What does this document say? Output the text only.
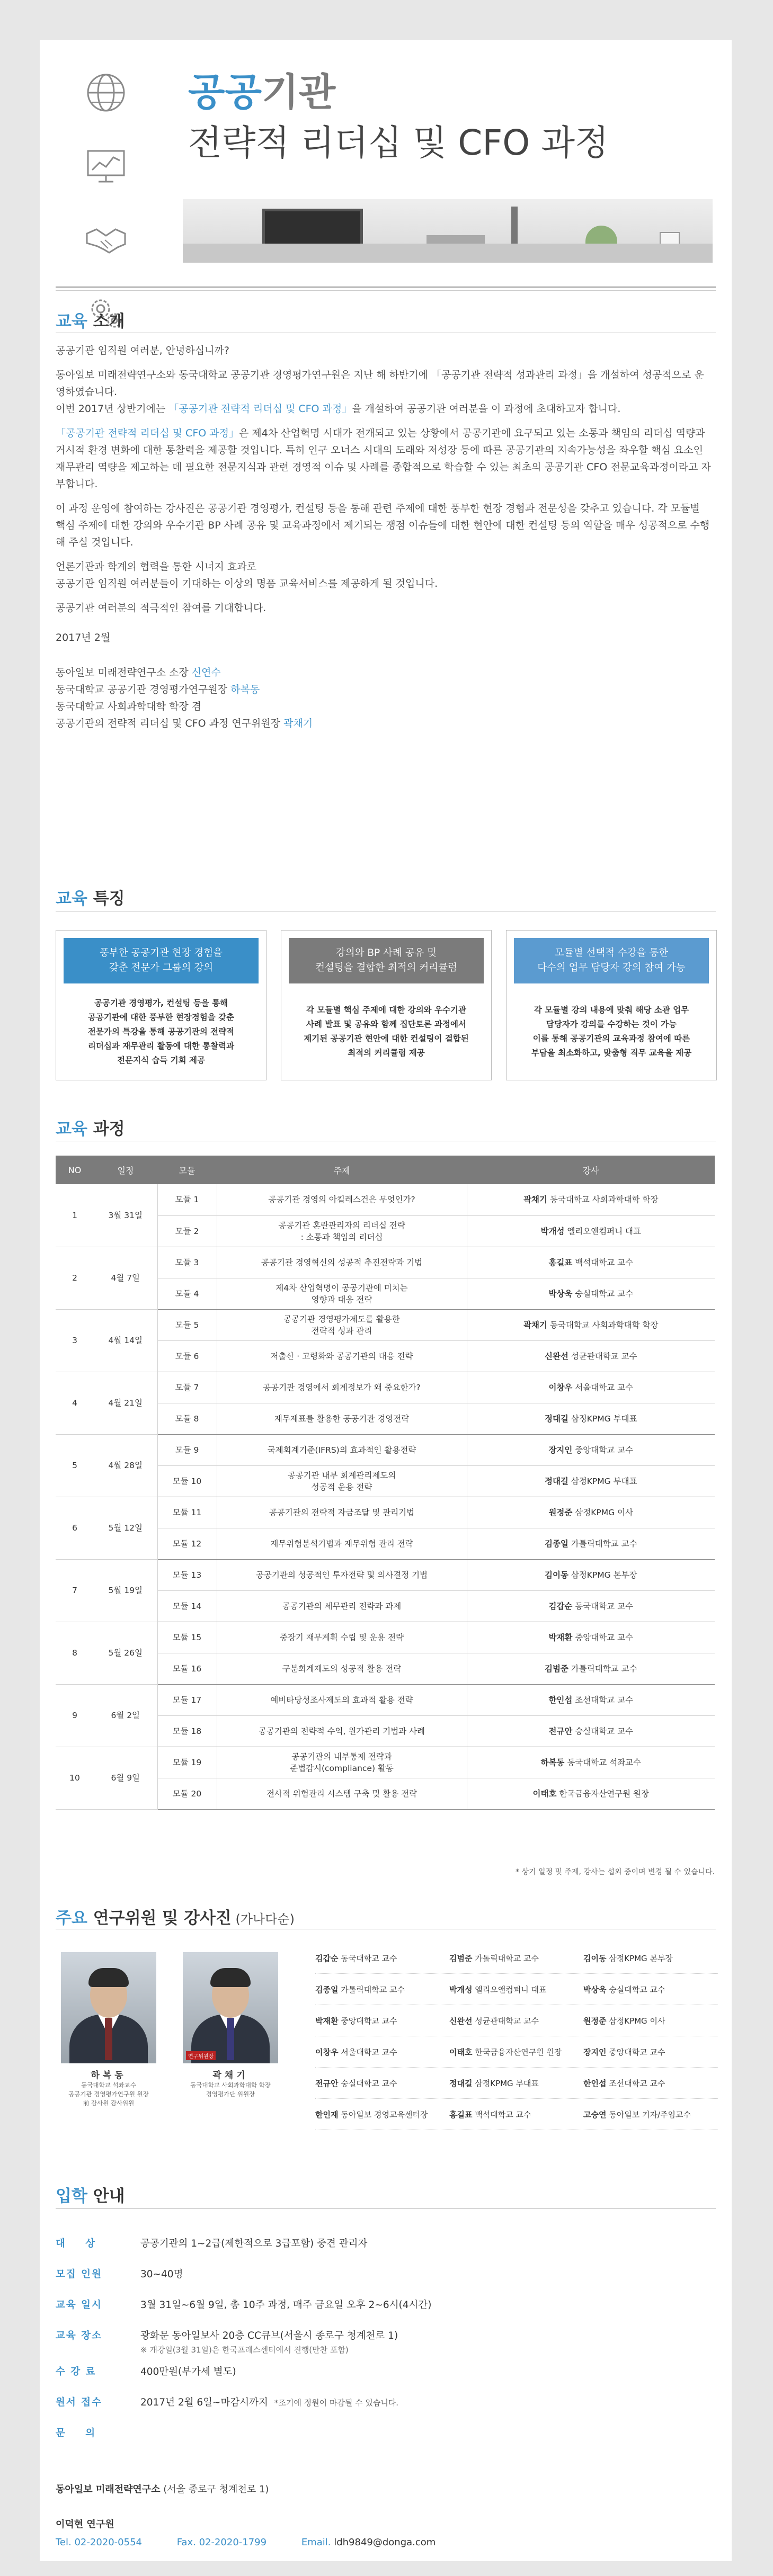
공공기관
전략적 리더십 및 CFO 과정
교육 소개

공공기관 임직원 여러분, 안녕하십니까?

동아일보 미래전략연구소와 동국대학교 공공기관 경영평가연구원은 지난 해 하반기에 「공공기관 전략적 성과관리 과정」을 개설하여 성공적으로 운영하였습니다.
이번 2017년 상반기에는 「공공기관 전략적 리더십 및 CFO 과정」을 개설하여 공공기관 여러분을 이 과정에 초대하고자 합니다.

「공공기관 전략적 리더십 및 CFO 과정」은 제4차 산업혁명 시대가 전개되고 있는 상황에서 공공기관에 요구되고 있는 소통과 책임의 리더십 역량과 거시적 환경 변화에 대한 통찰력을 제공할 것입니다. 특히 인구 오너스 시대의 도래와 저성장 등에 따른 공공기관의 지속가능성을 좌우할 핵심 요소인 재무관리 역량을 제고하는 데 필요한 전문지식과 관련 경영적 이슈 및 사례를 종합적으로 학습할 수 있는 최초의 공공기관 CFO 전문교육과정이라고 자부합니다.

이 과정 운영에 참여하는 강사진은 공공기관 경영평가, 컨설팅 등을 통해 관련 주제에 대한 풍부한 현장 경험과 전문성을 갖추고 있습니다. 각 모듈별 핵심 주제에 대한 강의와 우수기관 BP 사례 공유 및 교육과정에서 제기되는 쟁점 이슈들에 대한 현안에 대한 컨설팅 등의 역할을 매우 성공적으로 수행해 주실 것입니다.

언론기관과 학계의 협력을 통한 시너지 효과로
공공기관 임직원 여러분들이 기대하는 이상의 명품 교육서비스를 제공하게 될 것입니다.

공공기관 여러분의 적극적인 참여를 기대합니다.

2017년 2월

동아일보 미래전략연구소 소장 신연수
동국대학교 공공기관 경영평가연구원장 하복동
동국대학교 사회과학대학 학장 겸
공공기관의 전략적 리더십 및 CFO 과정 연구위원장 곽채기

교육 특징
풍부한 공공기관 현장 경험을
갖춘 전문가 그룹의 강의
공공기관 경영평가, 컨설팅 등을 통해
공공기관에 대한 풍부한 현장경험을 갖춘
전문가의 특강을 통해 공공기관의 전략적
리더십과 재무관리 활동에 대한 통찰력과
전문지식 습득 기회 제공
강의와 BP 사례 공유 및
컨설팅을 결합한 최적의 커리큘럼
각 모듈별 핵심 주제에 대한 강의와 우수기관
사례 발표 및 공유와 함께 집단토론 과정에서
제기된 공공기관 현안에 대한 컨설팅이 결합된
최적의 커리큘럼 제공
모듈별 선택적 수강을 통한
다수의 업무 담당자 강의 참여 가능
각 모듈별 강의 내용에 맞춰 해당 소관 업무
담당자가 강의를 수강하는 것이 가능
이를 통해 공공기관의 교육과정 참여에 따른
부담을 최소화하고, 맞춤형 직무 교육을 제공
교육 과정
NO	일정	모듈	주제	강사
1	3월 31일	모듈 1	공공기관 경영의 아킬레스건은 무엇인가?	곽채기 동국대학교 사회과학대학 학장
		모듈 2	공공기관 혼란관리자의 리더십 전략
: 소통과 책임의 리더십	박개성 엘리오앤컴퍼니 대표
2	4월 7일	모듈 3	공공기관 경영혁신의 성공적 추진전략과 기법	홍길표 백석대학교 교수
		모듈 4	제4차 산업혁명이 공공기관에 미치는
영향과 대응 전략	박상욱 숭실대학교 교수
3	4월 14일	모듈 5	공공기관 경영평가제도를 활용한
전략적 성과 관리	곽채기 동국대학교 사회과학대학 학장
		모듈 6	저출산 · 고령화와 공공기관의 대응 전략	신완선 성균관대학교 교수
4	4월 21일	모듈 7	공공기관 경영에서 회계정보가 왜 중요한가?	이창우 서울대학교 교수
		모듈 8	재무제표를 활용한 공공기관 경영전략	정대길 삼정KPMG 부대표
5	4월 28일	모듈 9	국제회계기준(IFRS)의 효과적인 활용전략	장지인 중앙대학교 교수
		모듈 10	공공기관 내부 회계관리제도의
성공적 운용 전략	정대길 삼정KPMG 부대표
6	5월 12일	모듈 11	공공기관의 전략적 자금조달 및 관리기법	원정준 삼정KPMG 이사
		모듈 12	재무위험분석기법과 재무위험 관리 전략	김종일 가톨릭대학교 교수
7	5월 19일	모듈 13	공공기관의 성공적인 투자전략 및 의사결정 기법	김이동 삼정KPMG 본부장
		모듈 14	공공기관의 세무관리 전략과 과제	김갑순 동국대학교 교수
8	5월 26일	모듈 15	중장기 재무계획 수립 및 운용 전략	박재환 중앙대학교 교수
		모듈 16	구분회계제도의 성공적 활용 전략	김범준 가톨릭대학교 교수
9	6월 2일	모듈 17	예비타당성조사제도의 효과적 활용 전략	한인섭 조선대학교 교수
		모듈 18	공공기관의 전략적 수익, 원가관리 기법과 사례	전규안 숭실대학교 교수
10	6월 9일	모듈 19	공공기관의 내부통제 전략과
준법감시(compliance) 활동	하복동 동국대학교 석좌교수
		모듈 20	전사적 위험관리 시스템 구축 및 활용 전략	이태호 한국금융자산연구원 원장
* 상기 일정 및 주제, 강사는 섭외 중이며 변경 될 수 있습니다.
주요 연구위원 및 강사진 (가나다순)
하복동
동국대학교 석좌교수
공공기관 경영평가연구원 원장
前 감사원 감사위원
연구위원장
곽채기
동국대학교 사회과학대학 학장
경영평가단 위원장
김갑순 동국대학교 교수	김범준 가톨릭대학교 교수	김이동 삼정KPMG 본부장
김종일 가톨릭대학교 교수	박개성 엘리오앤컴퍼니 대표	박상욱 숭실대학교 교수
박재환 중앙대학교 교수	신완선 성균관대학교 교수	원정준 삼정KPMG 이사
이창우 서울대학교 교수	이태호 한국금융자산연구원 원장	장지인 중앙대학교 교수
전규안 숭실대학교 교수	정대길 삼정KPMG 부대표	한인섭 조선대학교 교수
한인재 동아일보 경영교육센터장	홍길표 백석대학교 교수	고승연 동아일보 기자/주임교수
입학 안내
대 상	공공기관의 1~2급(제한적으로 3급포함) 중견 관리자
모집 인원	30~40명
교육 일시	3월 31일~6월 9일, 총 10주 과정, 매주 금요일 오후 2~6시(4시간)
교육 장소	광화문 동아일보사 20층 CC큐브(서울시 종로구 청계천로 1)
※ 개강일(3월 31일)은 한국프레스센터에서 진행(만찬 포함)
수 강 료	400만원(부가세 별도)
원서 접수	2017년 2월 6일~마감시까지 *조기에 정원이 마감될 수 있습니다.
문 의
동아일보 미래전략연구소 (서울 종로구 청계천로 1)
이덕현 연구원
Tel. 02-2020-0554	Fax. 02-2020-1799	Email. ldh9849@donga.com
